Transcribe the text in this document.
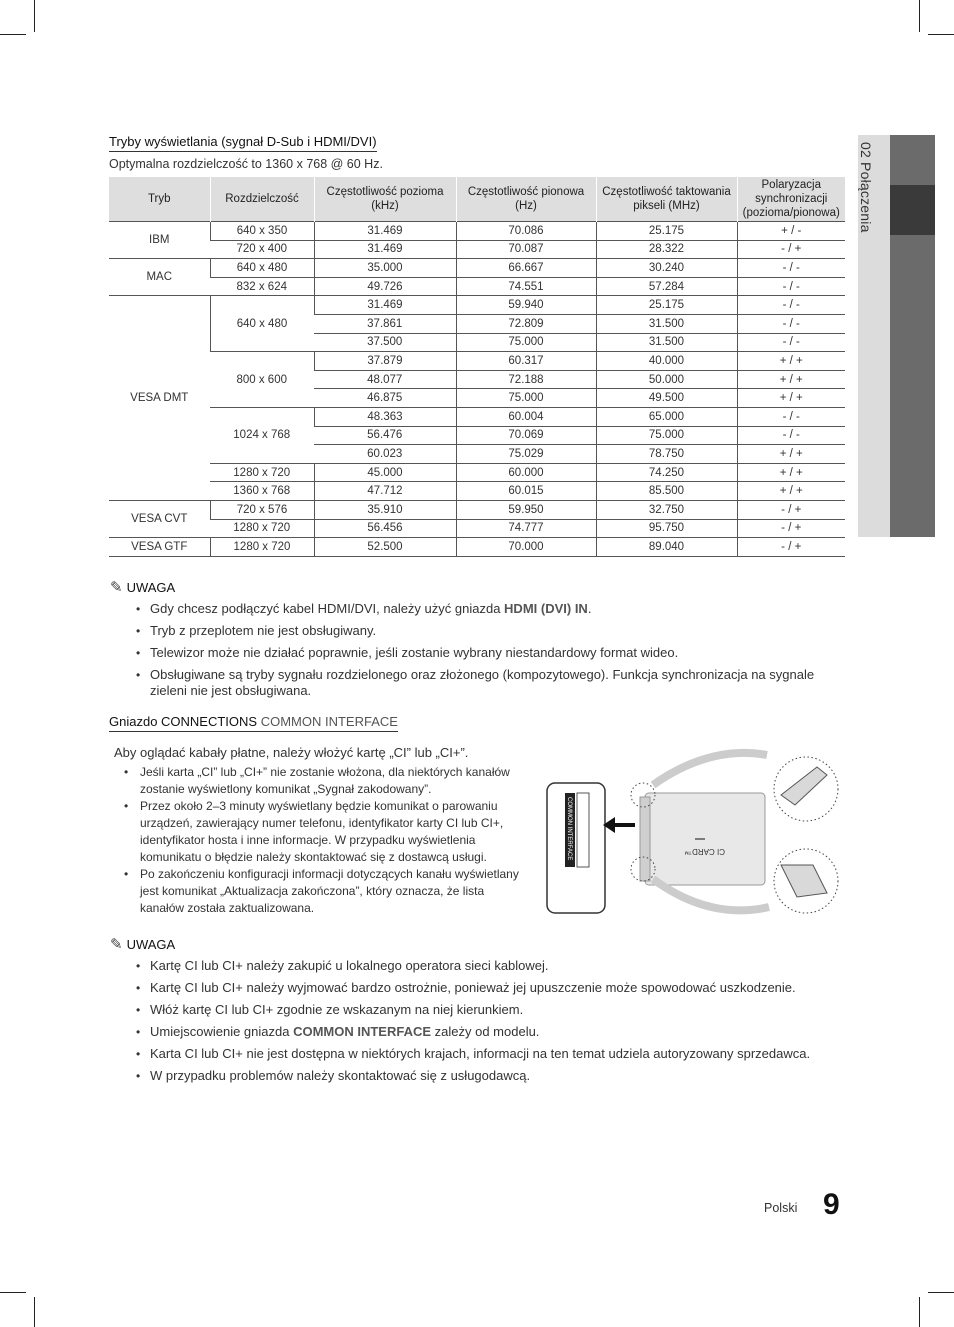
02 Połączenia
Tryby wyświetlania (sygnał D-Sub i HDMI/DVI)
Optymalna rozdzielczość to 1360 x 768 @ 60 Hz.
Tryb	Rozdzielczość	Częstotliwość pozioma (kHz)	Częstotliwość pionowa (Hz)	Częstotliwość taktowania pikseli (MHz)	Polaryzacja synchronizacji (pozioma/pionowa)
IBM	640 x 350	31.469	70.086	25.175	+ / -
	720 x 400	31.469	70.087	28.322	- / +
MAC	640 x 480	35.000	66.667	30.240	- / -
	832 x 624	49.726	74.551	57.284	- / -
VESA DMT	640 x 480	31.469	59.940	25.175	- / -
		37.861	72.809	31.500	- / -
		37.500	75.000	31.500	- / -
	800 x 600	37.879	60.317	40.000	+ / +
		48.077	72.188	50.000	+ / +
		46.875	75.000	49.500	+ / +
	1024 x 768	48.363	60.004	65.000	- / -
		56.476	70.069	75.000	- / -
		60.023	75.029	78.750	+ / +
	1280 x 720	45.000	60.000	74.250	+ / +
	1360 x 768	47.712	60.015	85.500	+ / +
VESA CVT	720 x 576	35.910	59.950	32.750	- / +
	1280 x 720	56.456	74.777	95.750	- / +
VESA GTF	1280 x 720	52.500	70.000	89.040	- / +
✎ UWAGA
• Gdy chcesz podłączyć kabel HDMI/DVI, należy użyć gniazda HDMI (DVI) IN.
• Tryb z przeplotem nie jest obsługiwany.
• Telewizor może nie działać poprawnie, jeśli zostanie wybrany niestandardowy format wideo.
• Obsługiwane są tryby sygnału rozdzielonego oraz złożonego (kompozytowego). Funkcja synchronizacja na sygnale zieleni nie jest obsługiwana.
Gniazdo CONNECTIONS COMMON INTERFACE
Aby oglądać kabały płatne, należy włożyć kartę „CI” lub „CI+”.
• Jeśli karta „CI” lub „CI+” nie zostanie włożona, dla niektórych kanałów zostanie wyświetlony komunikat „Sygnał zakodowany”.
• Przez około 2–3 minuty wyświetlany będzie komunikat o parowaniu urządzeń, zawierający numer telefonu, identyfikator karty CI lub CI+, identyfikator hosta i inne informacje. W przypadku wyświetlenia komunikatu o błędzie należy skontaktować się z dostawcą usługi.
• Po zakończeniu konfiguracji informacji dotyczących kanału wyświetlany jest komunikat „Aktualizacja zakończona”, który oznacza, że lista kanałów została zaktualizowana.
COMMON INTERFACE	CI CARD™
✎ UWAGA
• Kartę CI lub CI+ należy zakupić u lokalnego operatora sieci kablowej.
• Kartę CI lub CI+ należy wyjmować bardzo ostrożnie, ponieważ jej upuszczenie może spowodować uszkodzenie.
• Włóż kartę CI lub CI+ zgodnie ze wskazanym na niej kierunkiem.
• Umiejscowienie gniazda COMMON INTERFACE zależy od modelu.
• Karta CI lub CI+ nie jest dostępna w niektórych krajach, informacji na ten temat udziela autoryzowany sprzedawca.
• W przypadku problemów należy skontaktować się z usługodawcą.
Polski 9
